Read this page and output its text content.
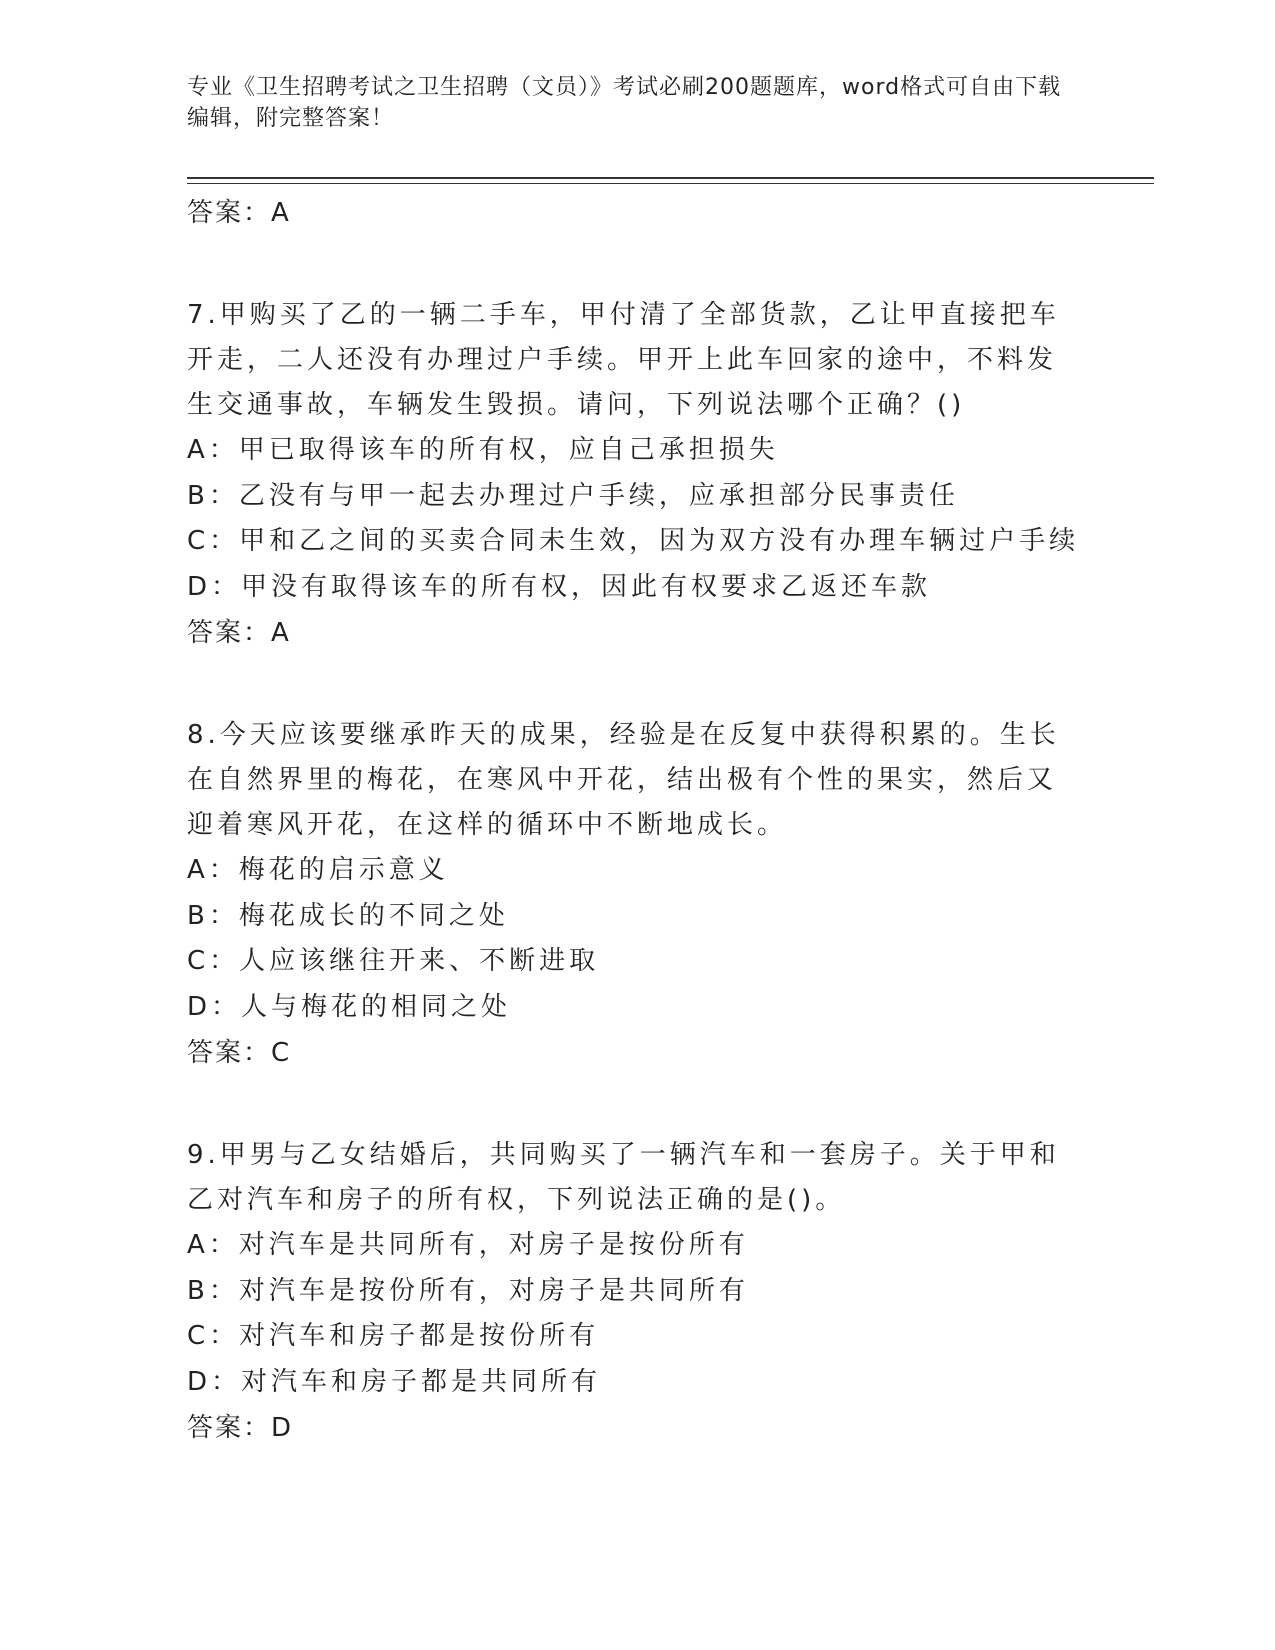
专业《卫生招聘考试之卫生招聘（文员）》考试必刷200题题库，word格式可自由下载编辑，附完整答案！
答案：A
7.甲购买了乙的一辆二手车，甲付清了全部货款，乙让甲直接把车开走，二人还没有办理过户手续。甲开上此车回家的途中，不料发生交通事故，车辆发生毁损。请问，下列说法哪个正确？()
A：甲已取得该车的所有权，应自己承担损失
B：乙没有与甲一起去办理过户手续，应承担部分民事责任
C：甲和乙之间的买卖合同未生效，因为双方没有办理车辆过户手续
D：甲没有取得该车的所有权，因此有权要求乙返还车款
答案：A
8.今天应该要继承昨天的成果，经验是在反复中获得积累的。生长在自然界里的梅花，在寒风中开花，结出极有个性的果实，然后又迎着寒风开花，在这样的循环中不断地成长。
A：梅花的启示意义
B：梅花成长的不同之处
C：人应该继往开来、不断进取
D：人与梅花的相同之处
答案：C
9.甲男与乙女结婚后，共同购买了一辆汽车和一套房子。关于甲和乙对汽车和房子的所有权，下列说法正确的是()。
A：对汽车是共同所有，对房子是按份所有
B：对汽车是按份所有，对房子是共同所有
C：对汽车和房子都是按份所有
D：对汽车和房子都是共同所有
答案：D
